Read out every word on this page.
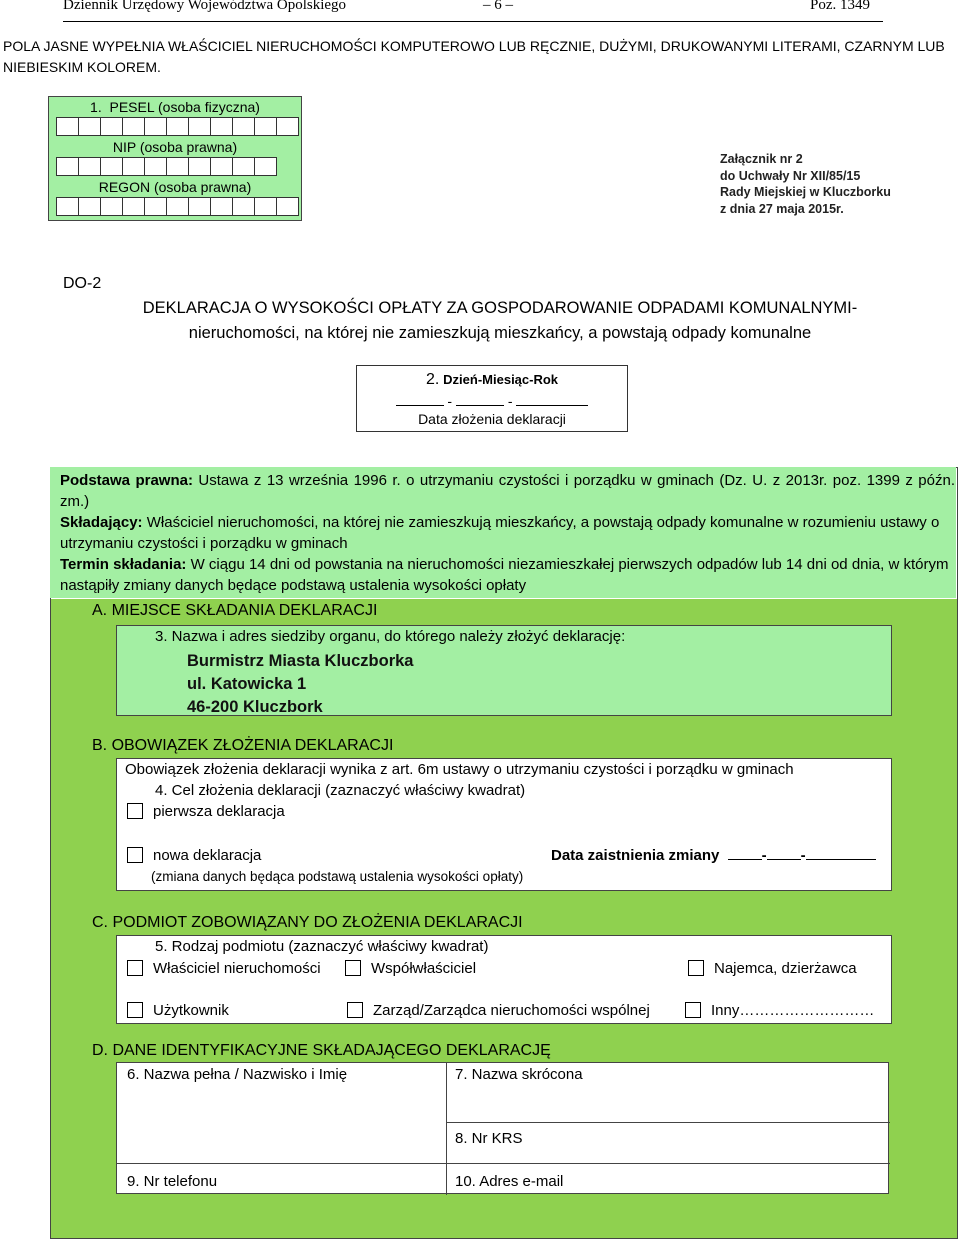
Dziennik Urzędowy Województwa Opolskiego	– 6 –	Poz. 1349
POLA JASNE WYPEŁNIA WŁAŚCICIEL NIERUCHOMOŚCI KOMPUTEROWO LUB RĘCZNIE, DUŻYMI, DRUKOWANYMI LITERAMI, CZARNYM LUB NIEBIESKIM KOLOREM.
1. PESEL (osoba fizyczna)
NIP (osoba prawna)
REGON (osoba prawna)
Załącznik nr 2
do Uchwały Nr XII/85/15
Rady Miejskiej w Kluczborku
z dnia 27 maja 2015r.
DO-2
DEKLARACJA O WYSOKOŚCI OPŁATY ZA GOSPODAROWANIE ODPADAMI KOMUNALNYMI-nieruchomości, na której nie zamieszkują mieszkańcy, a powstają odpady komunalne
2. Dzień-Miesiąc-Rok
-	-
Data złożenia deklaracji
Podstawa prawna: Ustawa z 13 września 1996 r. o utrzymaniu czystości i porządku w gminach (Dz. U. z 2013r. poz. 1399 z późn. zm.)
Składający: Właściciel nieruchomości, na której nie zamieszkują mieszkańcy, a powstają odpady komunalne w rozumieniu ustawy o utrzymaniu czystości i porządku w gminach
Termin składania: W ciągu 14 dni od powstania na nieruchomości niezamieszkałej pierwszych odpadów lub 14 dni od dnia, w którym nastąpiły zmiany danych będące podstawą ustalenia wysokości opłaty
A. MIEJSCE SKŁADANIA DEKLARACJI
3. Nazwa i adres siedziby organu, do którego należy złożyć deklarację:
Burmistrz Miasta Kluczborka
ul. Katowicka 1
46-200 Kluczbork
B. OBOWIĄZEK ZŁOŻENIA DEKLARACJI
Obowiązek złożenia deklaracji wynika z art. 6m ustawy o utrzymaniu czystości i porządku w gminach
4. Cel złożenia deklaracji (zaznaczyć właściwy kwadrat)
pierwsza deklaracja
nowa deklaracja	Data zaistnienia zmiany	- -
(zmiana danych będąca podstawą ustalenia wysokości opłaty)
C. PODMIOT ZOBOWIĄZANY DO ZŁOŻENIA DEKLARACJI
5. Rodzaj podmiotu (zaznaczyć właściwy kwadrat)
Właściciel nieruchomości	Współwłaściciel	Najemca, dzierżawca
Użytkownik	Zarząd/Zarządca nieruchomości wspólnej	Inny………………………
D. DANE IDENTYFIKACYJNE SKŁADAJĄCEGO DEKLARACJĘ
6. Nazwa pełna / Nazwisko i Imię	7. Nazwa skrócona
8. Nr KRS
9. Nr telefonu	10. Adres e-mail
